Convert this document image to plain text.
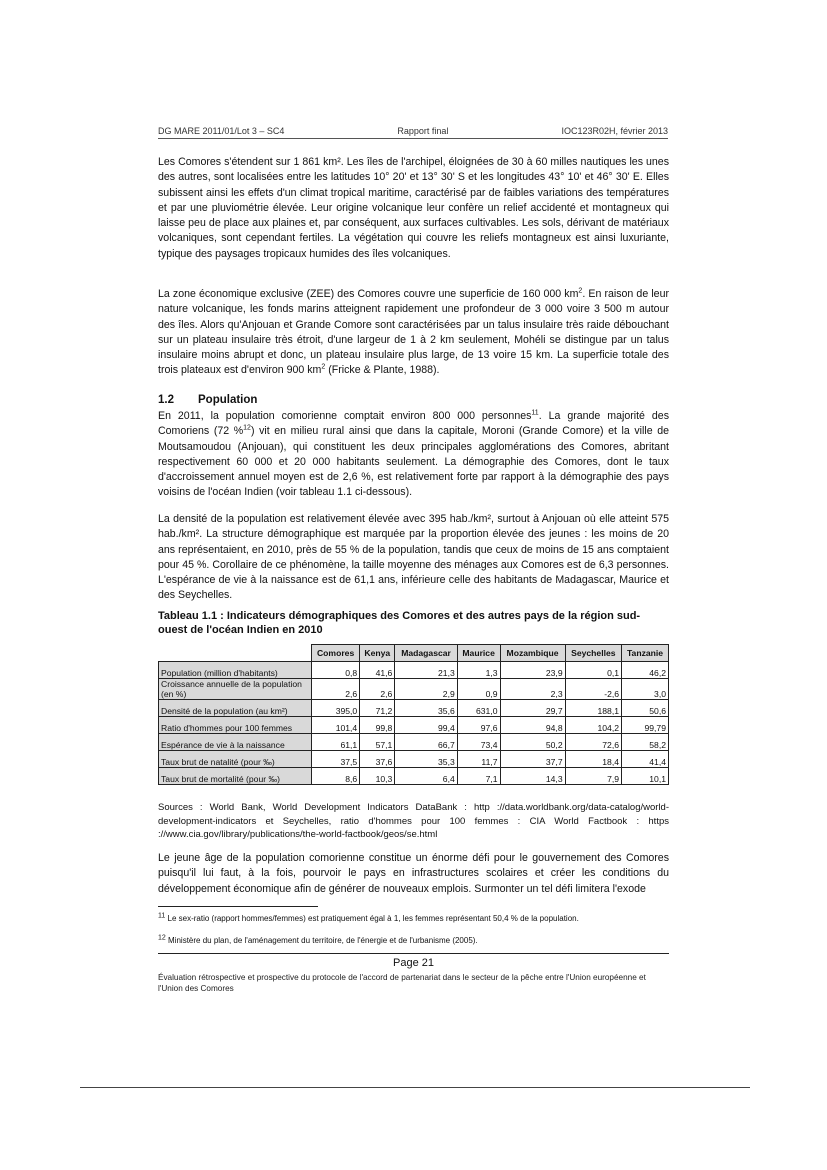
DG MARE 2011/01/Lot 3 – SC4	Rapport final	IOC123R02H, février 2013

Les Comores s'étendent sur 1 861 km². Les îles de l'archipel, éloignées de 30 à 60 milles nautiques les unes des autres, sont localisées entre les latitudes 10° 20' et 13° 30' S et les longitudes 43° 10' et 46° 30' E. Elles subissent ainsi les effets d'un climat tropical maritime, caractérisé par de faibles variations des températures et par une pluviométrie élevée. Leur origine volcanique leur confère un relief accidenté et montagneux qui laisse peu de place aux plaines et, par conséquent, aux surfaces cultivables. Les sols, dérivant de matériaux volcaniques, sont cependant fertiles. La végétation qui couvre les reliefs montagneux est ainsi luxuriante, typique des paysages tropicaux humides des îles volcaniques.

La zone économique exclusive (ZEE) des Comores couvre une superficie de 160 000 $km^2$. En raison de leur nature volcanique, les fonds marins atteignent rapidement une profondeur de 3 000 voire 3 500 m autour des îles. Alors qu'Anjouan et Grande Comore sont caractérisées par un talus insulaire très raide débouchant sur un plateau insulaire très étroit, d'une largeur de 1 à 2 km seulement, Mohéli se distingue par un talus insulaire moins abrupt et donc, un plateau insulaire plus large, de 13 voire 15 km. La superficie totale des trois plateaux est d'environ 900 $km^2$ (Fricke & Plante, 1988).

1.2 Population

En 2011, la population comorienne comptait environ 800 000 personnes$^{11}$. La grande majorité des Comoriens (72 %$^{12}$) vit en milieu rural ainsi que dans la capitale, Moroni (Grande Comore) et la ville de Moutsamoudou (Anjouan), qui constituent les deux principales agglomérations des Comores, abritant respectivement 60 000 et 20 000 habitants seulement. La démographie des Comores, dont le taux d'accroissement annuel moyen est de 2,6 %, est relativement forte par rapport à la démographie des pays voisins de l'océan Indien (voir tableau 1.1 ci-dessous).

La densité de la population est relativement élevée avec 395 hab./km², surtout à Anjouan où elle atteint 575 hab./km². La structure démographique est marquée par la proportion élevée des jeunes : les moins de 20 ans représentaient, en 2010, près de 55 % de la population, tandis que ceux de moins de 15 ans comptaient pour 45 %. Corollaire de ce phénomène, la taille moyenne des ménages aux Comores est de 6,3 personnes. L'espérance de vie à la naissance est de 61,1 ans, inférieure celle des habitants de Madagascar, Maurice et des Seychelles.

Tableau 1.1 : Indicateurs démographiques des Comores et des autres pays de la région sud-ouest de l'océan Indien en 2010
	Comores	Kenya	Madagascar	Maurice	Mozambique	Seychelles	Tanzanie
Population (million d'habitants)	0,8	41,6	21,3	1,3	23,9	0,1	46,2
Croissance annuelle de la population (en %)	2,6	2,6	2,9	0,9	2,3	-2,6	3,0
Densité de la population (au km²)	395,0	71,2	35,6	631,0	29,7	188,1	50,6
Ratio d'hommes pour 100 femmes	101,4	99,8	99,4	97,6	94,8	104,2	99,79
Espérance de vie à la naissance	61,1	57,1	66,7	73,4	50,2	72,6	58,2
Taux brut de natalité (pour ‰)	37,5	37,6	35,3	11,7	37,7	18,4	41,4
Taux brut de mortalité (pour ‰)	8,6	10,3	6,4	7,1	14,3	7,9	10,1
Sources : World Bank, World Development Indicators DataBank : http ://data.worldbank.org/data-catalog/world-development-indicators et Seychelles, ratio d'hommes pour 100 femmes : CIA World Factbook : https ://www.cia.gov/library/publications/the-world-factbook/geos/se.html

Le jeune âge de la population comorienne constitue un énorme défi pour le gouvernement des Comores puisqu'il lui faut, à la fois, pourvoir le pays en infrastructures scolaires et créer les conditions du développement économique afin de générer de nouveaux emplois. Surmonter un tel défi limitera l'exode

$^{11}$ Le sex-ratio (rapport hommes/femmes) est pratiquement égal à 1, les femmes représentant 50,4 % de la population.
$^{12}$ Ministère du plan, de l'aménagement du territoire, de l'énergie et de l'urbanisme (2005).
Page 21
Évaluation rétrospective et prospective du protocole de l'accord de partenariat dans le secteur de la pêche entre l'Union européenne et l'Union des Comores
